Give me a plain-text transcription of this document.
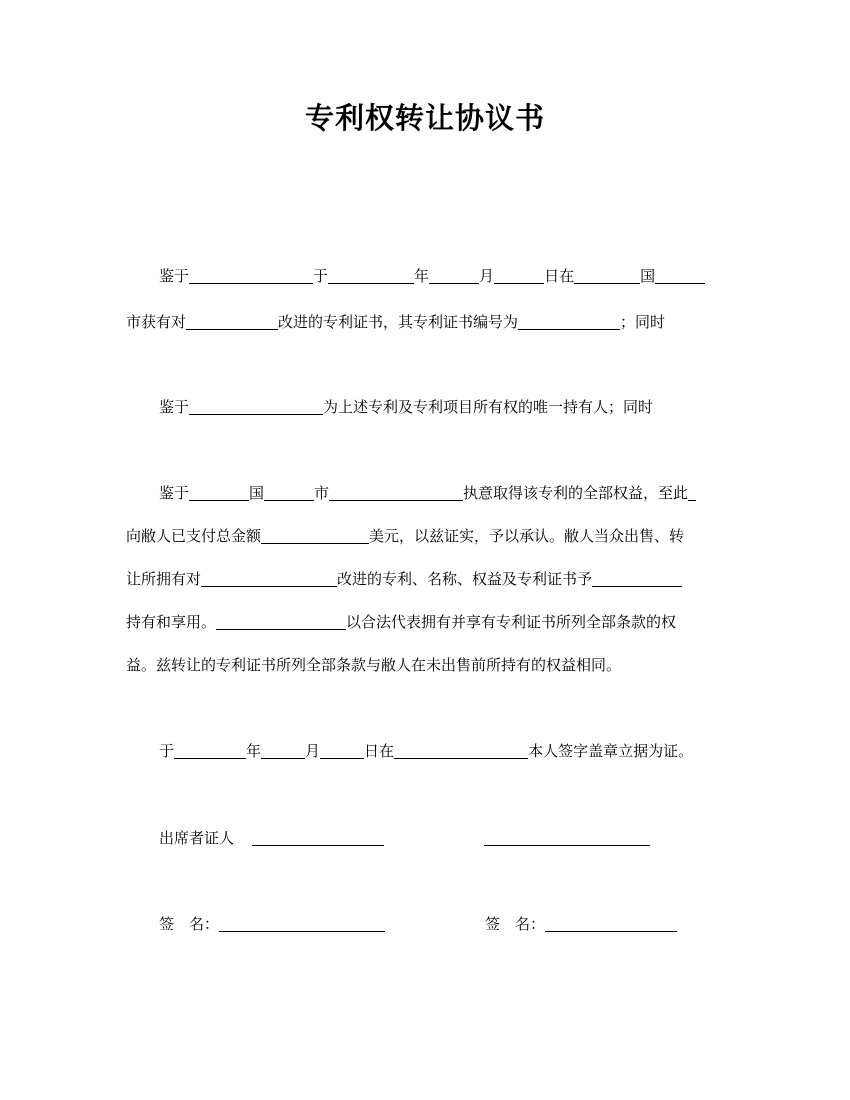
专利权转让协议书
鉴于	于	年	月	日在	国
市获有对	改进的专利证书，其专利证书编号为	；同时
鉴于	为上述专利及专利项目所有权的唯一持有人；同时
鉴于	国	市	执意取得该专利的全部权益，至此
向敝人已支付总金额	美元，以兹证实，予以承认。敝人当众出售、转
让所拥有对	改进的专利、名称、权益及专利证书予
持有和享用。	以合法代表拥有并享有专利证书所列全部条款的权
益。兹转让的专利证书所列全部条款与敝人在未出售前所持有的权益相同。
于	年	月	日在	本人签字盖章立据为证。
出席者证人
签　名：	签　名：
